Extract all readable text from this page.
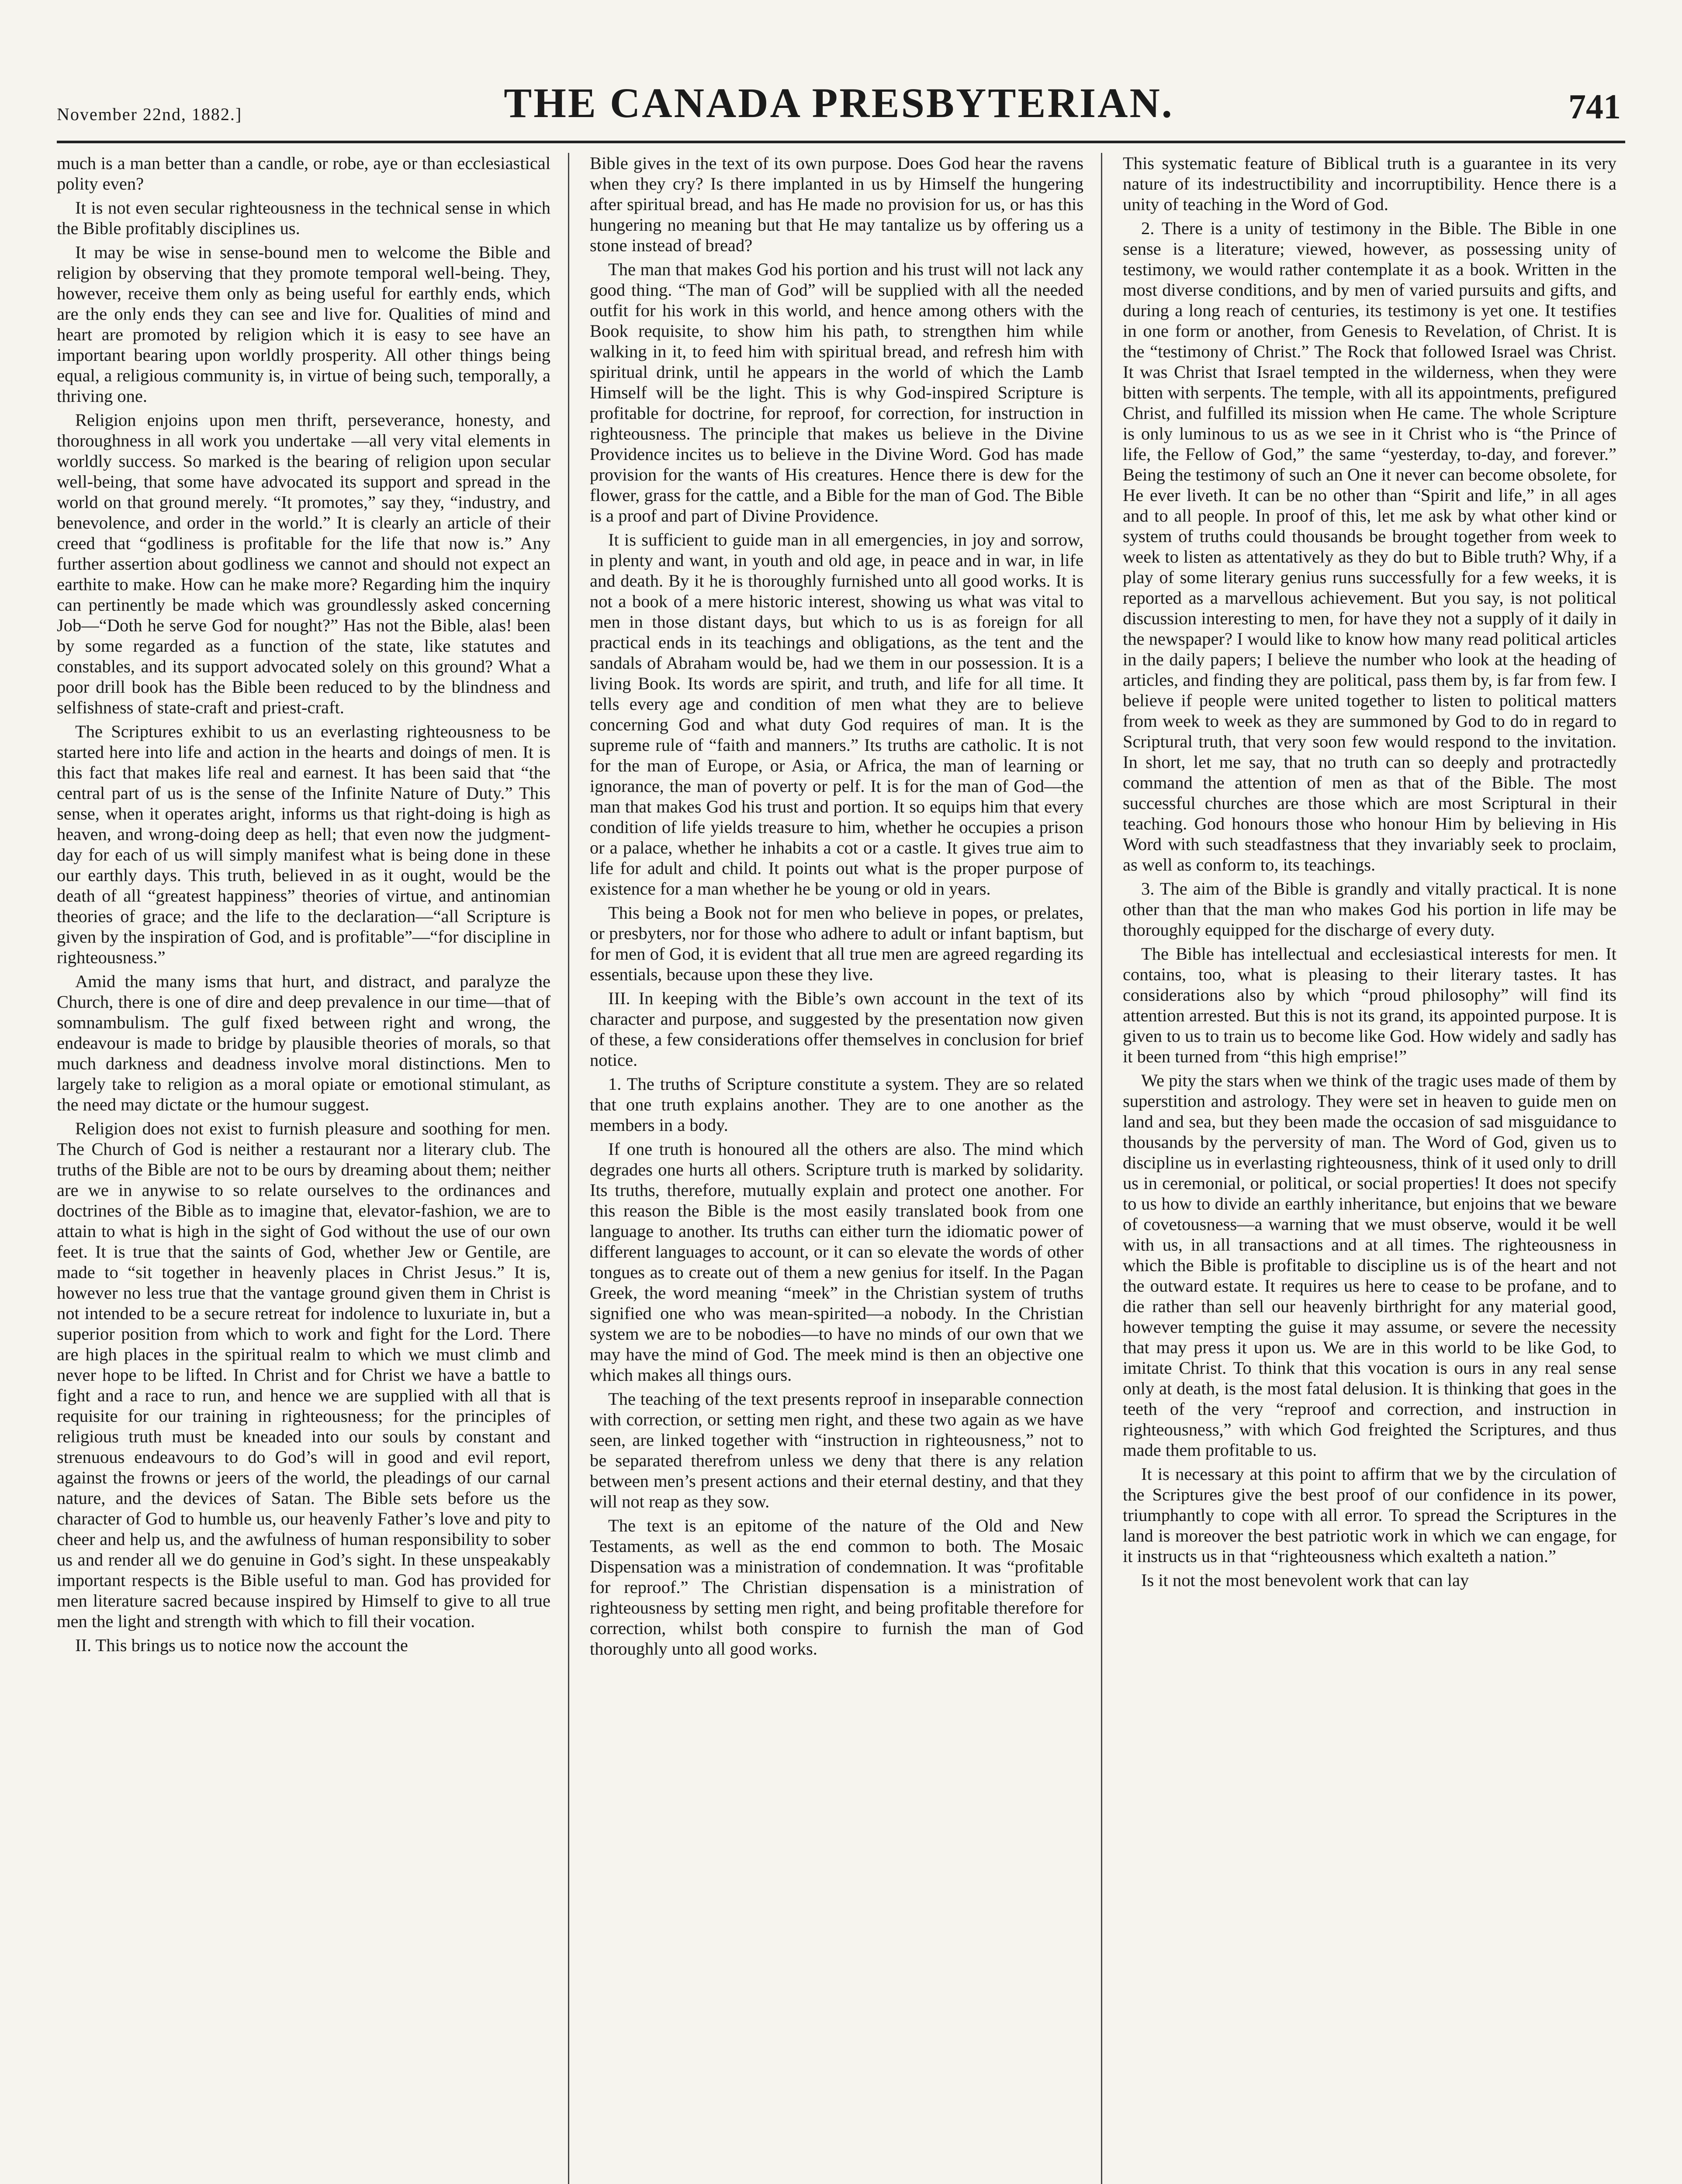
November 22nd, 1882.]	THE CANADA PRESBYTERIAN.	741

much is a man better than a candle, or robe, aye or than ecclesiastical polity even?

It is not even secular righteousness in the technical sense in which the Bible profitably disciplines us.

It may be wise in sense-bound men to welcome the Bible and religion by observing that they promote temporal well-being. They, however, receive them only as being useful for earthly ends, which are the only ends they can see and live for. Qualities of mind and heart are promoted by religion which it is easy to see have an important bearing upon worldly prosperity. All other things being equal, a religious community is, in virtue of being such, temporally, a thriving one.

Religion enjoins upon men thrift, perseverance, honesty, and thoroughness in all work you undertake —all very vital elements in worldly success. So marked is the bearing of religion upon secular well-being, that some have advocated its support and spread in the world on that ground merely. “It promotes,” say they, “industry, and benevolence, and order in the world.” It is clearly an article of their creed that “godliness is profitable for the life that now is.” Any further assertion about godliness we cannot and should not expect an earthite to make. How can he make more? Regarding him the inquiry can pertinently be made which was groundlessly asked concerning Job—“Doth he serve God for nought?” Has not the Bible, alas! been by some regarded as a function of the state, like statutes and constables, and its support advocated solely on this ground? What a poor drill book has the Bible been reduced to by the blindness and selfishness of state-craft and priest-craft.

The Scriptures exhibit to us an everlasting righteousness to be started here into life and action in the hearts and doings of men. It is this fact that makes life real and earnest. It has been said that “the central part of us is the sense of the Infinite Nature of Duty.” This sense, when it operates aright, informs us that right-doing is high as heaven, and wrong-doing deep as hell; that even now the judgment-day for each of us will simply manifest what is being done in these our earthly days. This truth, believed in as it ought, would be the death of all “greatest happiness” theories of virtue, and antinomian theories of grace; and the life to the declaration—“all Scripture is given by the inspiration of God, and is profitable”—“for discipline in righteousness.”

Amid the many isms that hurt, and distract, and paralyze the Church, there is one of dire and deep prevalence in our time—that of somnambulism. The gulf fixed between right and wrong, the endeavour is made to bridge by plausible theories of morals, so that much darkness and deadness involve moral distinctions. Men to largely take to religion as a moral opiate or emotional stimulant, as the need may dictate or the humour suggest.

Religion does not exist to furnish pleasure and soothing for men. The Church of God is neither a restaurant nor a literary club. The truths of the Bible are not to be ours by dreaming about them; neither are we in anywise to so relate ourselves to the ordinances and doctrines of the Bible as to imagine that, elevator-fashion, we are to attain to what is high in the sight of God without the use of our own feet. It is true that the saints of God, whether Jew or Gentile, are made to “sit together in heavenly places in Christ Jesus.” It is, however no less true that the vantage ground given them in Christ is not intended to be a secure retreat for indolence to luxuriate in, but a superior position from which to work and fight for the Lord. There are high places in the spiritual realm to which we must climb and never hope to be lifted. In Christ and for Christ we have a battle to fight and a race to run, and hence we are supplied with all that is requisite for our training in righteousness; for the principles of religious truth must be kneaded into our souls by constant and strenuous endeavours to do God’s will in good and evil report, against the frowns or jeers of the world, the pleadings of our carnal nature, and the devices of Satan. The Bible sets before us the character of God to humble us, our heavenly Father’s love and pity to cheer and help us, and the awfulness of human responsibility to sober us and render all we do genuine in God’s sight. In these unspeakably important respects is the Bible useful to man. God has provided for men literature sacred because inspired by Himself to give to all true men the light and strength with which to fill their vocation.

II. This brings us to notice now the account the

Bible gives in the text of its own purpose. Does God hear the ravens when they cry? Is there implanted in us by Himself the hungering after spiritual bread, and has He made no provision for us, or has this hungering no meaning but that He may tantalize us by offering us a stone instead of bread?

The man that makes God his portion and his trust will not lack any good thing. “The man of God” will be supplied with all the needed outfit for his work in this world, and hence among others with the Book requisite, to show him his path, to strengthen him while walking in it, to feed him with spiritual bread, and refresh him with spiritual drink, until he appears in the world of which the Lamb Himself will be the light. This is why God-inspired Scripture is profitable for doctrine, for reproof, for correction, for instruction in righteousness. The principle that makes us believe in the Divine Providence incites us to believe in the Divine Word. God has made provision for the wants of His creatures. Hence there is dew for the flower, grass for the cattle, and a Bible for the man of God. The Bible is a proof and part of Divine Providence.

It is sufficient to guide man in all emergencies, in joy and sorrow, in plenty and want, in youth and old age, in peace and in war, in life and death. By it he is thoroughly furnished unto all good works. It is not a book of a mere historic interest, showing us what was vital to men in those distant days, but which to us is as foreign for all practical ends in its teachings and obligations, as the tent and the sandals of Abraham would be, had we them in our possession. It is a living Book. Its words are spirit, and truth, and life for all time. It tells every age and condition of men what they are to believe concerning God and what duty God requires of man. It is the supreme rule of “faith and manners.” Its truths are catholic. It is not for the man of Europe, or Asia, or Africa, the man of learning or ignorance, the man of poverty or pelf. It is for the man of God—the man that makes God his trust and portion. It so equips him that every condition of life yields treasure to him, whether he occupies a prison or a palace, whether he inhabits a cot or a castle. It gives true aim to life for adult and child. It points out what is the proper purpose of existence for a man whether he be young or old in years.

This being a Book not for men who believe in popes, or prelates, or presbyters, nor for those who adhere to adult or infant baptism, but for men of God, it is evident that all true men are agreed regarding its essentials, because upon these they live.

III. In keeping with the Bible’s own account in the text of its character and purpose, and suggested by the presentation now given of these, a few considerations offer themselves in conclusion for brief notice.

1. The truths of Scripture constitute a system. They are so related that one truth explains another. They are to one another as the members in a body.

If one truth is honoured all the others are also. The mind which degrades one hurts all others. Scripture truth is marked by solidarity. Its truths, therefore, mutually explain and protect one another. For this reason the Bible is the most easily translated book from one language to another. Its truths can either turn the idiomatic power of different languages to account, or it can so elevate the words of other tongues as to create out of them a new genius for itself. In the Pagan Greek, the word meaning “meek” in the Christian system of truths signified one who was mean-spirited—a nobody. In the Christian system we are to be nobodies—to have no minds of our own that we may have the mind of God. The meek mind is then an objective one which makes all things ours.

The teaching of the text presents reproof in inseparable connection with correction, or setting men right, and these two again as we have seen, are linked together with “instruction in righteousness,” not to be separated therefrom unless we deny that there is any relation between men’s present actions and their eternal destiny, and that they will not reap as they sow.

The text is an epitome of the nature of the Old and New Testaments, as well as the end common to both. The Mosaic Dispensation was a ministration of condemnation. It was “profitable for reproof.” The Christian dispensation is a ministration of righteousness by setting men right, and being profitable therefore for correction, whilst both conspire to furnish the man of God thoroughly unto all good works.

This systematic feature of Biblical truth is a guarantee in its very nature of its indestructibility and incorruptibility. Hence there is a unity of teaching in the Word of God.

2. There is a unity of testimony in the Bible. The Bible in one sense is a literature; viewed, however, as possessing unity of testimony, we would rather contemplate it as a book. Written in the most diverse conditions, and by men of varied pursuits and gifts, and during a long reach of centuries, its testimony is yet one. It testifies in one form or another, from Genesis to Revelation, of Christ. It is the “testimony of Christ.” The Rock that followed Israel was Christ. It was Christ that Israel tempted in the wilderness, when they were bitten with serpents. The temple, with all its appointments, prefigured Christ, and fulfilled its mission when He came. The whole Scripture is only luminous to us as we see in it Christ who is “the Prince of life, the Fellow of God,” the same “yesterday, to-day, and forever.” Being the testimony of such an One it never can become obsolete, for He ever liveth. It can be no other than “Spirit and life,” in all ages and to all people. In proof of this, let me ask by what other kind or system of truths could thousands be brought together from week to week to listen as attentatively as they do but to Bible truth? Why, if a play of some literary genius runs successfully for a few weeks, it is reported as a marvellous achievement. But you say, is not political discussion interesting to men, for have they not a supply of it daily in the newspaper? I would like to know how many read political articles in the daily papers; I believe the number who look at the heading of articles, and finding they are political, pass them by, is far from few. I believe if people were united together to listen to political matters from week to week as they are summoned by God to do in regard to Scriptural truth, that very soon few would respond to the invitation. In short, let me say, that no truth can so deeply and protractedly command the attention of men as that of the Bible. The most successful churches are those which are most Scriptural in their teaching. God honours those who honour Him by believing in His Word with such steadfastness that they invariably seek to proclaim, as well as conform to, its teachings.

3. The aim of the Bible is grandly and vitally practical. It is none other than that the man who makes God his portion in life may be thoroughly equipped for the discharge of every duty.

The Bible has intellectual and ecclesiastical interests for men. It contains, too, what is pleasing to their literary tastes. It has considerations also by which “proud philosophy” will find its attention arrested. But this is not its grand, its appointed purpose. It is given to us to train us to become like God. How widely and sadly has it been turned from “this high emprise!”

We pity the stars when we think of the tragic uses made of them by superstition and astrology. They were set in heaven to guide men on land and sea, but they been made the occasion of sad misguidance to thousands by the perversity of man. The Word of God, given us to discipline us in everlasting righteousness, think of it used only to drill us in ceremonial, or political, or social properties! It does not specify to us how to divide an earthly inheritance, but enjoins that we beware of covetousness—a warning that we must observe, would it be well with us, in all transactions and at all times. The righteousness in which the Bible is profitable to discipline us is of the heart and not the outward estate. It requires us here to cease to be profane, and to die rather than sell our heavenly birthright for any material good, however tempting the guise it may assume, or severe the necessity that may press it upon us. We are in this world to be like God, to imitate Christ. To think that this vocation is ours in any real sense only at death, is the most fatal delusion. It is thinking that goes in the teeth of the very “reproof and correction, and instruction in righteousness,” with which God freighted the Scriptures, and thus made them profitable to us.

It is necessary at this point to affirm that we by the circulation of the Scriptures give the best proof of our confidence in its power, triumphantly to cope with all error. To spread the Scriptures in the land is moreover the best patriotic work in which we can engage, for it instructs us in that “righteousness which exalteth a nation.”

Is it not the most benevolent work that can lay
